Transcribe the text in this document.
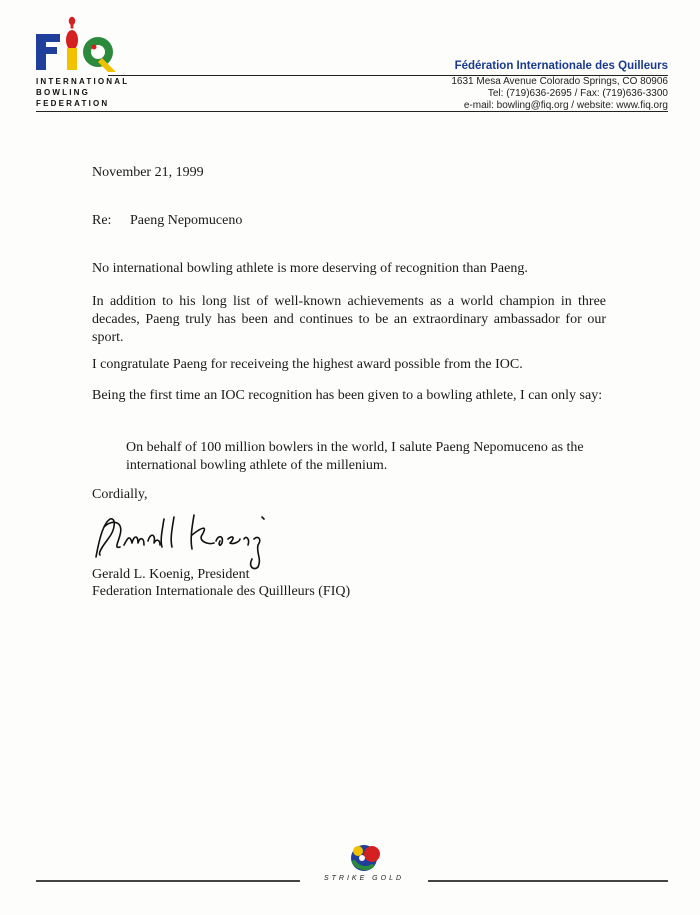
INTERNATIONAL
BOWLING
FEDERATION
Fédération Internationale des Quilleurs
1631 Mesa Avenue Colorado Springs, CO 80906
Tel: (719)636-2695 / Fax: (719)636-3300
e-mail: bowling@fiq.org / website: www.fiq.org
November 21, 1999
Re: Paeng Nepomuceno
No international bowling athlete is more deserving of recognition than Paeng.
In addition to his long list of well-known achievements as a world champion in three decades, Paeng truly has been and continues to be an extraordinary ambassador for our sport.
I congratulate Paeng for receiveing the highest award possible from the IOC.
Being the first time an IOC recognition has been given to a bowling athlete, I can only say:
On behalf of 100 million bowlers in the world, I salute Paeng Nepomuceno as the international bowling athlete of the millenium.
Cordially,
Gerald L. Koenig, President
Federation Internationale des Quillleurs (FIQ)
STRIKE GOLD
